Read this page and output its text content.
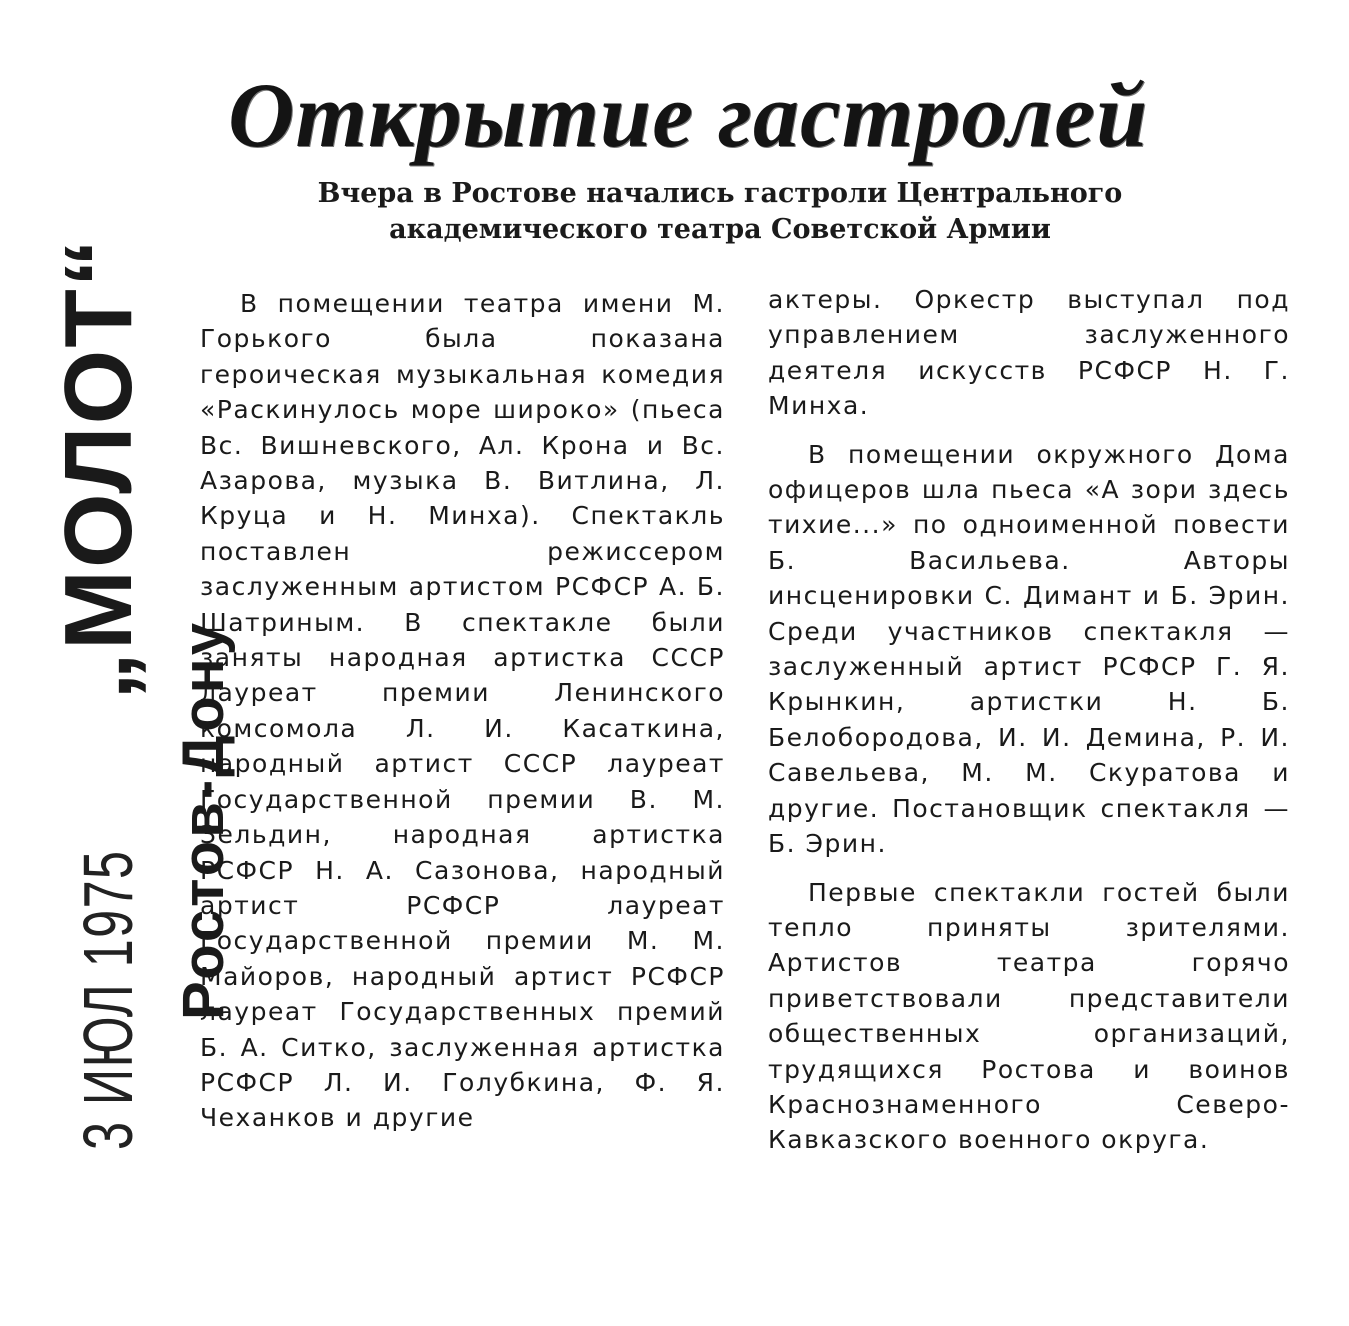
3 ИЮЛ 1975
„МОЛОТ“
Ростов-Дону
Открытие гастролей
Вчера в Ростове начались гастроли Центрального академического театра Советской Армии

В помещении театра имени М. Горького была показана героическая музыкальная комедия «Раскинулось море широко» (пьеса Вс. Вишневского, Ал. Крона и Вс. Азарова, музыка В. Витлина, Л. Круца и Н. Минха). Спектакль поставлен режиссером заслуженным артистом РСФСР А. Б. Шатриным. В спектакле были заняты народная артистка СССР лауреат премии Ленинского комсомола Л. И. Касаткина, народный артист СССР лауреат Государственной премии В. М. Зельдин, народная артистка РСФСР Н. А. Сазонова, народный артист РСФСР лауреат Государственной премии М. М. Майоров, народный артист РСФСР лауреат Государственных премий Б. А. Ситко, заслуженная артистка РСФСР Л. И. Голубкина, Ф. Я. Чеханков и другие

актеры. Оркестр выступал под управлением заслуженного деятеля искусств РСФСР Н. Г. Минха.

В помещении окружного Дома офицеров шла пьеса «А зори здесь тихие...» по одноименной повести Б. Васильева. Авторы инсценировки С. Димант и Б. Эрин. Среди участников спектакля — заслуженный артист РСФСР Г. Я. Крынкин, артистки Н. Б. Белобородова, И. И. Демина, Р. И. Савельева, М. М. Скуратова и другие. Постановщик спектакля — Б. Эрин.

Первые спектакли гостей были тепло приняты зрителями. Артистов театра горячо приветствовали представители общественных организаций, трудящихся Ростова и воинов Краснознаменного Северо-Кавказского военного округа.
